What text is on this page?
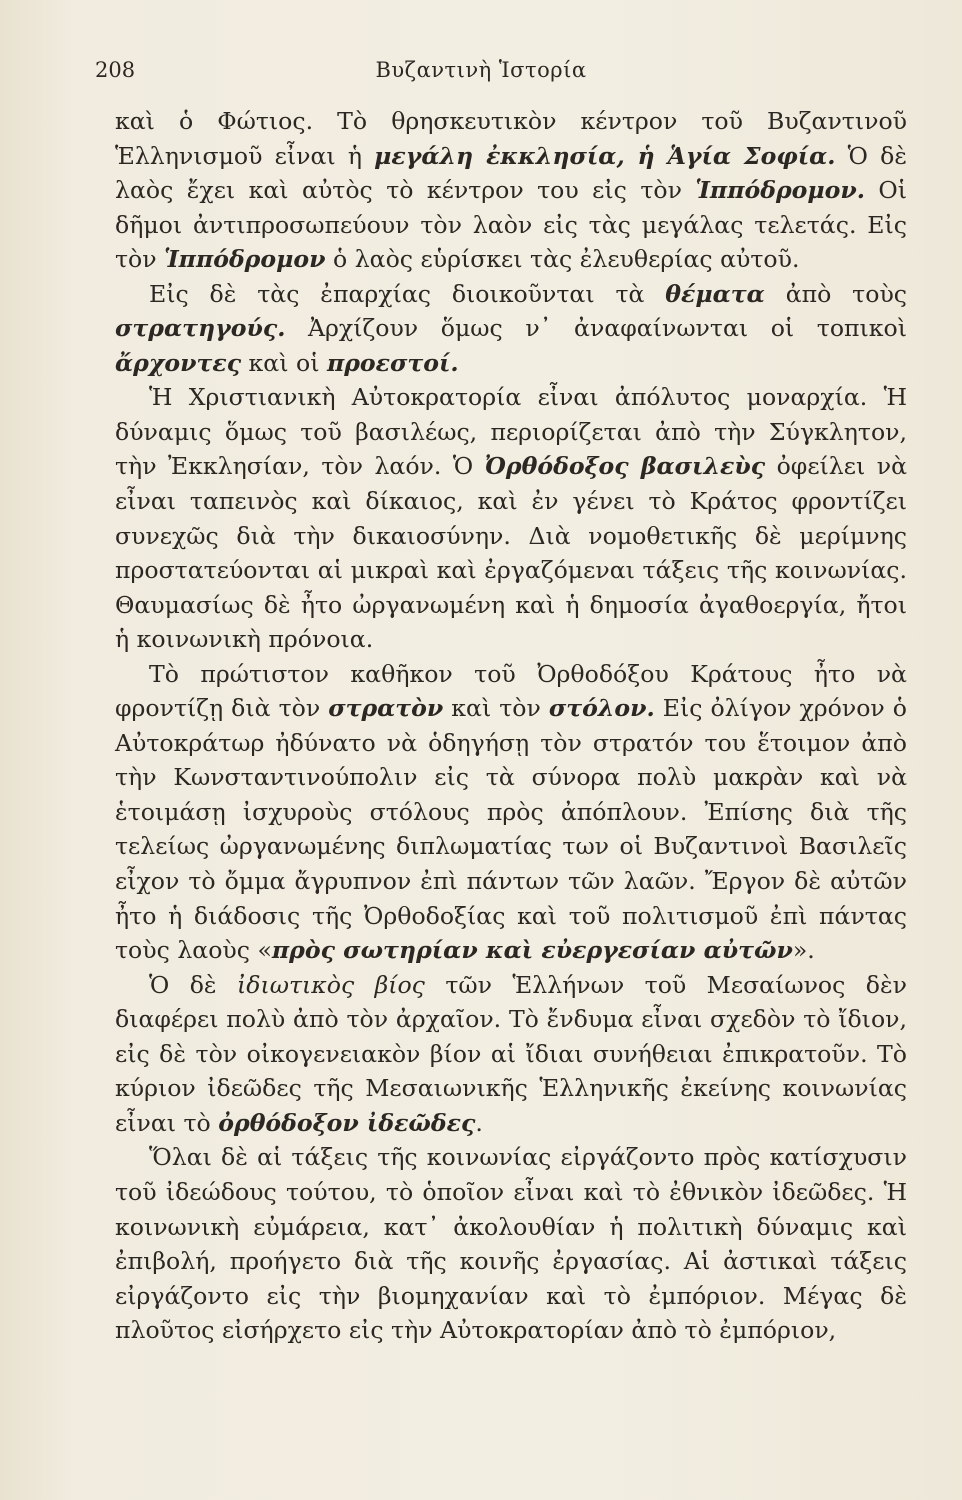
208	Βυζαντινὴ Ἱστορία

καὶ ὁ Φώτιος. Τὸ θρησκευτικὸν κέντρον τοῦ Βυζαντινοῦ Ἑλληνισμοῦ εἶναι ἡ μεγάλη ἐκκλησία, ἡ Ἁγία Σοφία. Ὁ δὲ λαὸς ἔχει καὶ αὐτὸς τὸ κέντρον του εἰς τὸν Ἱππόδρομον. Οἱ δῆμοι ἀντιπροσωπεύουν τὸν λαὸν εἰς τὰς μεγάλας τελετάς. Εἰς τὸν Ἱππόδρομον ὁ λαὸς εὑρίσκει τὰς ἐλευθερίας αὐτοῦ.

Εἰς δὲ τὰς ἐπαρχίας διοικοῦνται τὰ θέματα ἀπὸ τοὺς στρατηγούς. Ἀρχίζουν ὅμως ν᾽ ἀναφαίνωνται οἱ τοπικοὶ ἄρχοντες καὶ οἱ προεστοί.

Ἡ Χριστιανικὴ Αὐτοκρατορία εἶναι ἀπόλυτος μοναρχία. Ἡ δύναμις ὅμως τοῦ βασιλέως, περιορίζεται ἀπὸ τὴν Σύγκλητον, τὴν Ἐκκλησίαν, τὸν λαόν. Ὁ Ὀρθόδοξος βασιλεὺς ὀφείλει νὰ εἶναι ταπεινὸς καὶ δίκαιος, καὶ ἐν γένει τὸ Κράτος φροντίζει συνεχῶς διὰ τὴν δικαιοσύνην. Διὰ νομοθετικῆς δὲ μερίμνης προστατεύονται αἱ μικραὶ καὶ ἐργαζόμεναι τάξεις τῆς κοινωνίας. Θαυμασίως δὲ ἦτο ὠργανωμένη καὶ ἡ δημοσία ἀγαθοεργία, ἤτοι ἡ κοινωνικὴ πρόνοια.

Τὸ πρώτιστον καθῆκον τοῦ Ὀρθοδόξου Κράτους ἦτο νὰ φροντίζῃ διὰ τὸν στρατὸν καὶ τὸν στόλον. Εἰς ὀλίγον χρόνον ὁ Αὐτοκράτωρ ἠδύνατο νὰ ὁδηγήσῃ τὸν στρατόν του ἕτοιμον ἀπὸ τὴν Κωνσταντινούπολιν εἰς τὰ σύνορα πολὺ μακρὰν καὶ νὰ ἑτοιμάσῃ ἰσχυροὺς στόλους πρὸς ἀπόπλουν. Ἐπίσης διὰ τῆς τελείως ὠργανωμένης διπλωματίας των οἱ Βυζαντινοὶ Βασιλεῖς εἶχον τὸ ὄμμα ἄγρυπνον ἐπὶ πάντων τῶν λαῶν. Ἔργον δὲ αὐτῶν ἦτο ἡ διάδοσις τῆς Ὀρθοδοξίας καὶ τοῦ πολιτισμοῦ ἐπὶ πάντας τοὺς λαοὺς «πρὸς σωτηρίαν καὶ εὐεργεσίαν αὐτῶν».

Ὁ δὲ ἰδιωτικὸς βίος τῶν Ἑλλήνων τοῦ Μεσαίωνος δὲν διαφέρει πολὺ ἀπὸ τὸν ἀρχαῖον. Τὸ ἔνδυμα εἶναι σχεδὸν τὸ ἴδιον, εἰς δὲ τὸν οἰκογενειακὸν βίον αἱ ἴδιαι συνήθειαι ἐπικρατοῦν. Τὸ κύριον ἰδεῶδες τῆς Μεσαιωνικῆς Ἑλληνικῆς ἐκείνης κοινωνίας εἶναι τὸ ὀρθόδοξον ἰδεῶδες.

Ὅλαι δὲ αἱ τάξεις τῆς κοινωνίας εἰργάζοντο πρὸς κατίσχυσιν τοῦ ἰδεώδους τούτου, τὸ ὁποῖον εἶναι καὶ τὸ ἐθνικὸν ἰδεῶδες. Ἡ κοινωνικὴ εὐμάρεια, κατ᾽ ἀκολουθίαν ἡ πολιτικὴ δύναμις καὶ ἐπιβολή, προήγετο διὰ τῆς κοινῆς ἐργασίας. Αἱ ἀστικαὶ τάξεις εἰργάζοντο εἰς τὴν βιομηχανίαν καὶ τὸ ἐμπόριον. Μέγας δὲ πλοῦτος εἰσήρχετο εἰς τὴν Αὐτοκρατορίαν ἀπὸ τὸ ἐμπόριον,
